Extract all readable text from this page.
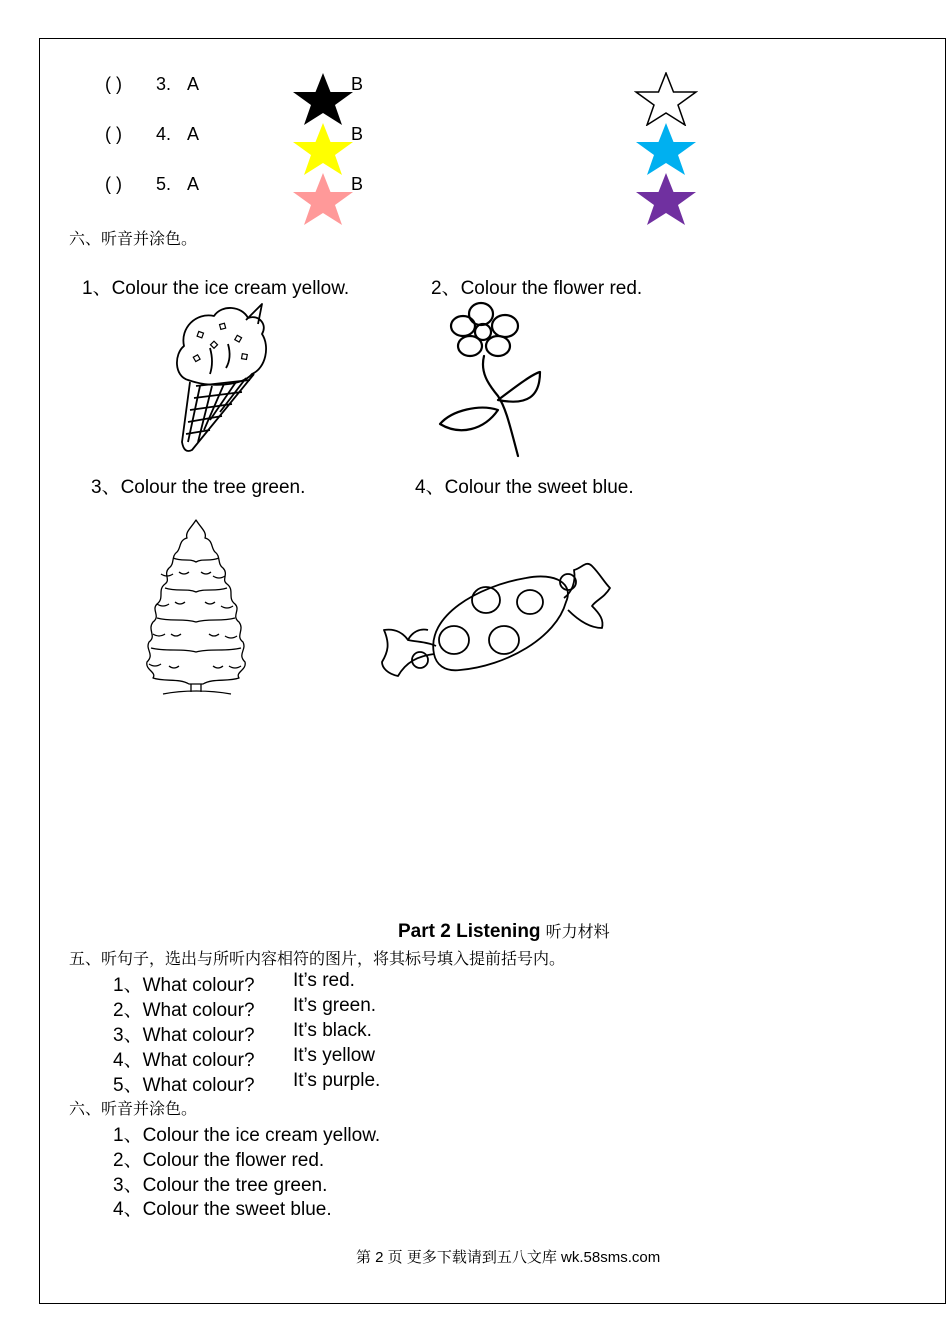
( ) 3. A	B
( ) 4. A	B
( ) 5. A	B
六、听音并涂色。
1、Colour the ice cream yellow.	2、Colour the flower red.
3、Colour the tree green.	4、Colour the sweet blue.
Part 2 Listening 听力材料
五、听句子，选出与所听内容相符的图片，将其标号填入提前括号内。
1、What colour? It’s red.
2、What colour? It’s green.
3、What colour? It’s black.
4、What colour? It’s yellow
5、What colour? It’s purple.
六、听音并涂色。
1、Colour the ice cream yellow.
2、Colour the flower red.
3、Colour the tree green.
4、Colour the sweet blue.
第 2 页 更多下载请到五八文库 wk.58sms.com
